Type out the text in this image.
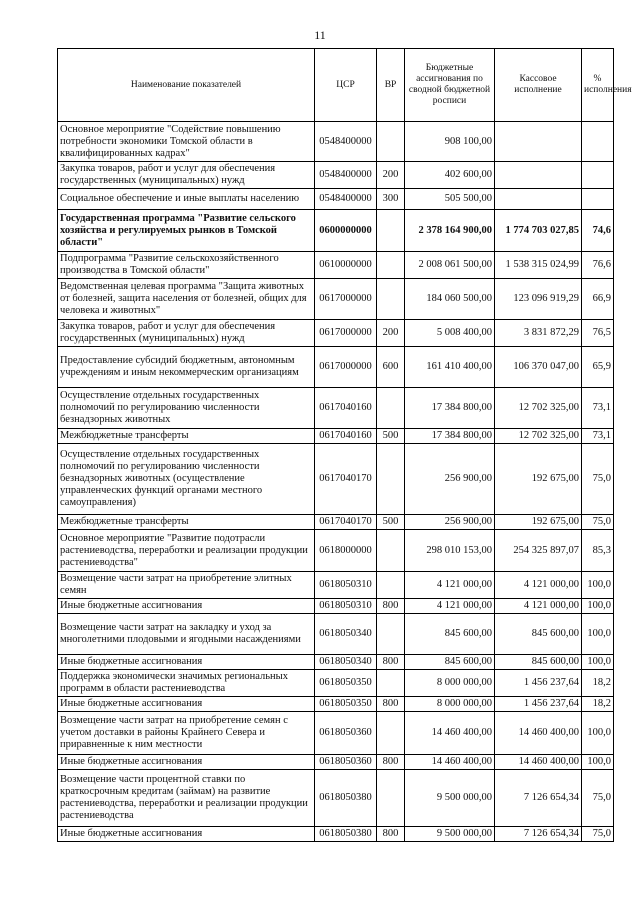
11
Наименование показателей	ЦСР	ВР	Бюджетные ассигнования по сводной бюджетной росписи	Кассовое исполнение	% исполнения
Основное мероприятие "Содействие повышению потребности экономики Томской области в квалифицированных кадрах"	0548400000		908 100,00		
Закупка товаров, работ и услуг для обеспечения государственных (муниципальных) нужд	0548400000	200	402 600,00		
Социальное обеспечение и иные выплаты населению	0548400000	300	505 500,00		
Государственная программа "Развитие сельского хозяйства и регулируемых рынков в Томской области"	0600000000		2 378 164 900,00	1 774 703 027,85	74,6
Подпрограмма "Развитие сельскохозяйственного производства в Томской области"	0610000000		2 008 061 500,00	1 538 315 024,99	76,6
Ведомственная целевая программа "Защита животных от болезней, защита населения от болезней, общих для человека и животных"	0617000000		184 060 500,00	123 096 919,29	66,9
Закупка товаров, работ и услуг для обеспечения государственных (муниципальных) нужд	0617000000	200	5 008 400,00	3 831 872,29	76,5
Предоставление субсидий бюджетным, автономным учреждениям и иным некоммерческим организациям	0617000000	600	161 410 400,00	106 370 047,00	65,9
Осуществление отдельных государственных полномочий по регулированию численности безнадзорных животных	0617040160		17 384 800,00	12 702 325,00	73,1
Межбюджетные трансферты	0617040160	500	17 384 800,00	12 702 325,00	73,1
Осуществление отдельных государственных полномочий по регулированию численности безнадзорных животных (осуществление управленческих функций органами местного самоуправления)	0617040170		256 900,00	192 675,00	75,0
Межбюджетные трансферты	0617040170	500	256 900,00	192 675,00	75,0
Основное мероприятие "Развитие подотрасли растениеводства, переработки и реализации продукции растениеводства"	0618000000		298 010 153,00	254 325 897,07	85,3
Возмещение части затрат на приобретение элитных семян	0618050310		4 121 000,00	4 121 000,00	100,0
Иные бюджетные ассигнования	0618050310	800	4 121 000,00	4 121 000,00	100,0
Возмещение части затрат на закладку и уход за многолетними плодовыми и ягодными насаждениями	0618050340		845 600,00	845 600,00	100,0
Иные бюджетные ассигнования	0618050340	800	845 600,00	845 600,00	100,0
Поддержка экономически значимых региональных программ в области растениеводства	0618050350		8 000 000,00	1 456 237,64	18,2
Иные бюджетные ассигнования	0618050350	800	8 000 000,00	1 456 237,64	18,2
Возмещение части затрат на приобретение семян с учетом доставки в районы Крайнего Севера и приравненные к ним местности	0618050360		14 460 400,00	14 460 400,00	100,0
Иные бюджетные ассигнования	0618050360	800	14 460 400,00	14 460 400,00	100,0
Возмещение части процентной ставки по краткосрочным кредитам (займам) на развитие растениеводства, переработки и реализации продукции растениеводства	0618050380		9 500 000,00	7 126 654,34	75,0
Иные бюджетные ассигнования	0618050380	800	9 500 000,00	7 126 654,34	75,0
